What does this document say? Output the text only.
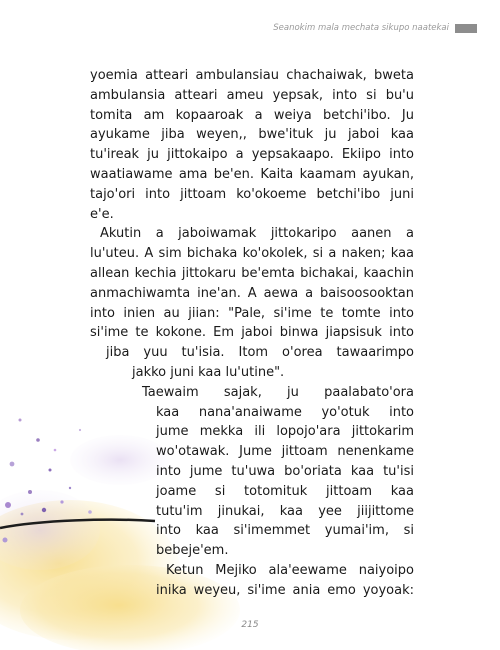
Seanokim mala mechata sikupo naatekai
yoemia atteari ambulansiau chachaiwak, bweta
ambulansia atteari ameu yepsak, into si bu'u
tomita am kopaaroak a weiya betchi'ibo. Ju
ayukame jiba weyen,, bwe'ituk ju jaboi kaa
tu'ireak ju jittokaipo a yepsakaapo. Ekiipo into
waatiawame ama be'en. Kaita kaamam ayukan,
tajo'ori into jittoam ko'okoeme betchi'ibo juni
e'e.
Akutin a jaboiwamak jittokaripo aanen a
lu'uteu. A sim bichaka ko'okolek, si a naken; kaa
allean kechia jittokaru be'emta bichakai, kaachin
anmachiwamta ine'an. A aewa a baisoosooktan
into inien au jiian: "Pale, si'ime te tomte into
si'ime te kokone. Em jaboi binwa jiapsisuk into
jiba yuu tu'isia. Itom o'orea tawaarimpo
jakko juni kaa lu'utine".
Taewaim sajak, ju paalabato'ora
kaa nana'anaiwame yo'otuk into
jume mekka ili lopojo'ara jittokarim
wo'otawak. Jume jittoam nenenkame
into jume tu'uwa bo'oriata kaa tu'isi
joame si totomituk jittoam kaa
tutu'im jinukai, kaa yee jiijittome
into kaa si'imemmet yumai'im, si
bebeje'em.
Ketun Mejiko ala'eewame naiyoipo
inika weyeu, si'ime ania emo yoyoak:
215
